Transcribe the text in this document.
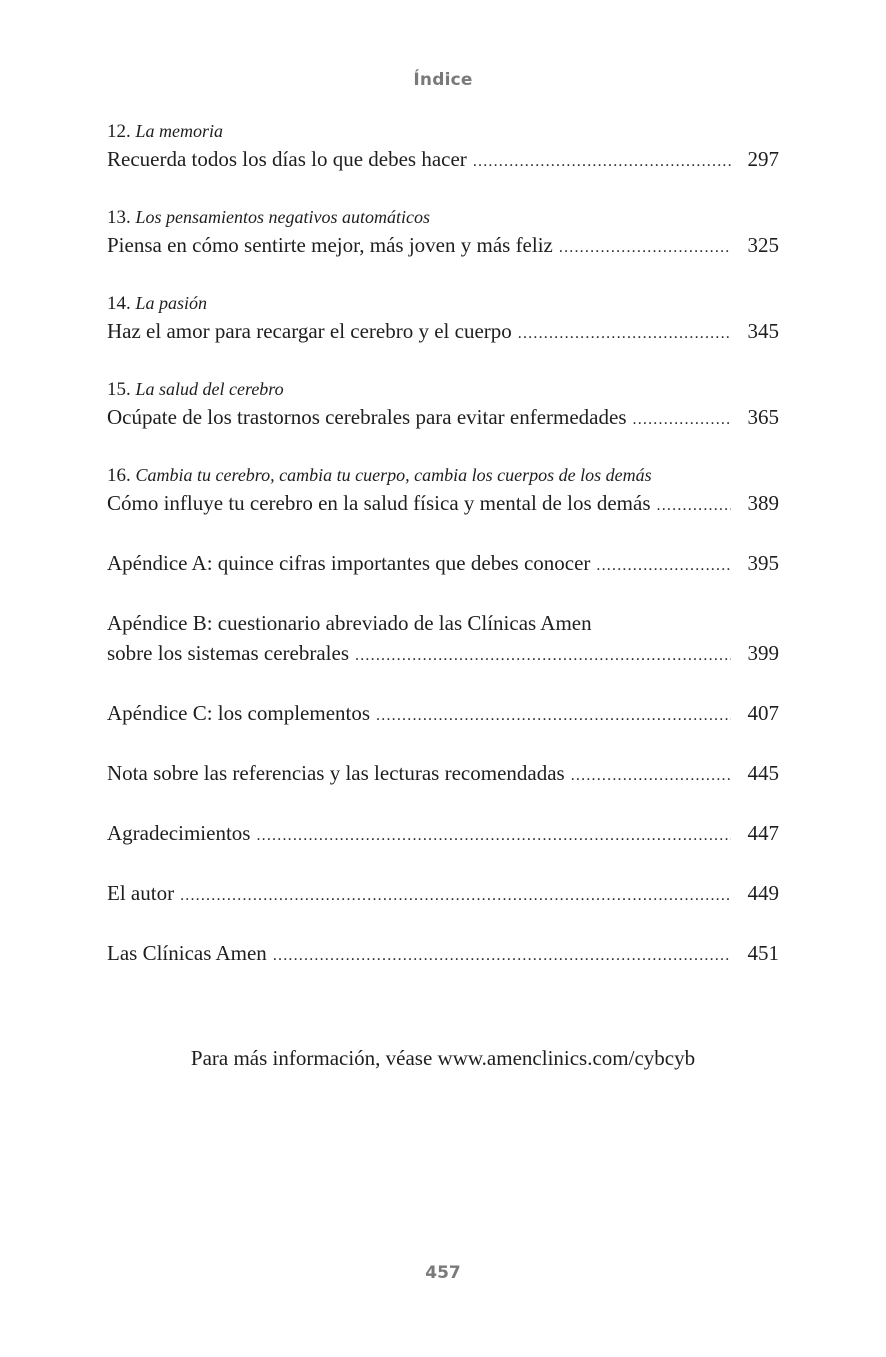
Índice
12. La memoria
Recuerda todos los días lo que debes hacer .....	297
13. Los pensamientos negativos automáticos
Piensa en cómo sentirte mejor, más joven y más feliz .....	325
14. La pasión
Haz el amor para recargar el cerebro y el cuerpo .....	345
15. La salud del cerebro
Ocúpate de los trastornos cerebrales para evitar enfermedades .....	365
16. Cambia tu cerebro, cambia tu cuerpo, cambia los cuerpos de los demás
Cómo influye tu cerebro en la salud física y mental de los demás .....	389
Apéndice A: quince cifras importantes que debes conocer .....	395
Apéndice B: cuestionario abreviado de las Clínicas Amen
sobre los sistemas cerebrales .....	399
Apéndice C: los complementos .....	407
Nota sobre las referencias y las lecturas recomendadas .....	445
Agradecimientos .....	447
El autor .....	449
Las Clínicas Amen .....	451
Para más información, véase www.amenclinics.com/cybcyb
457
